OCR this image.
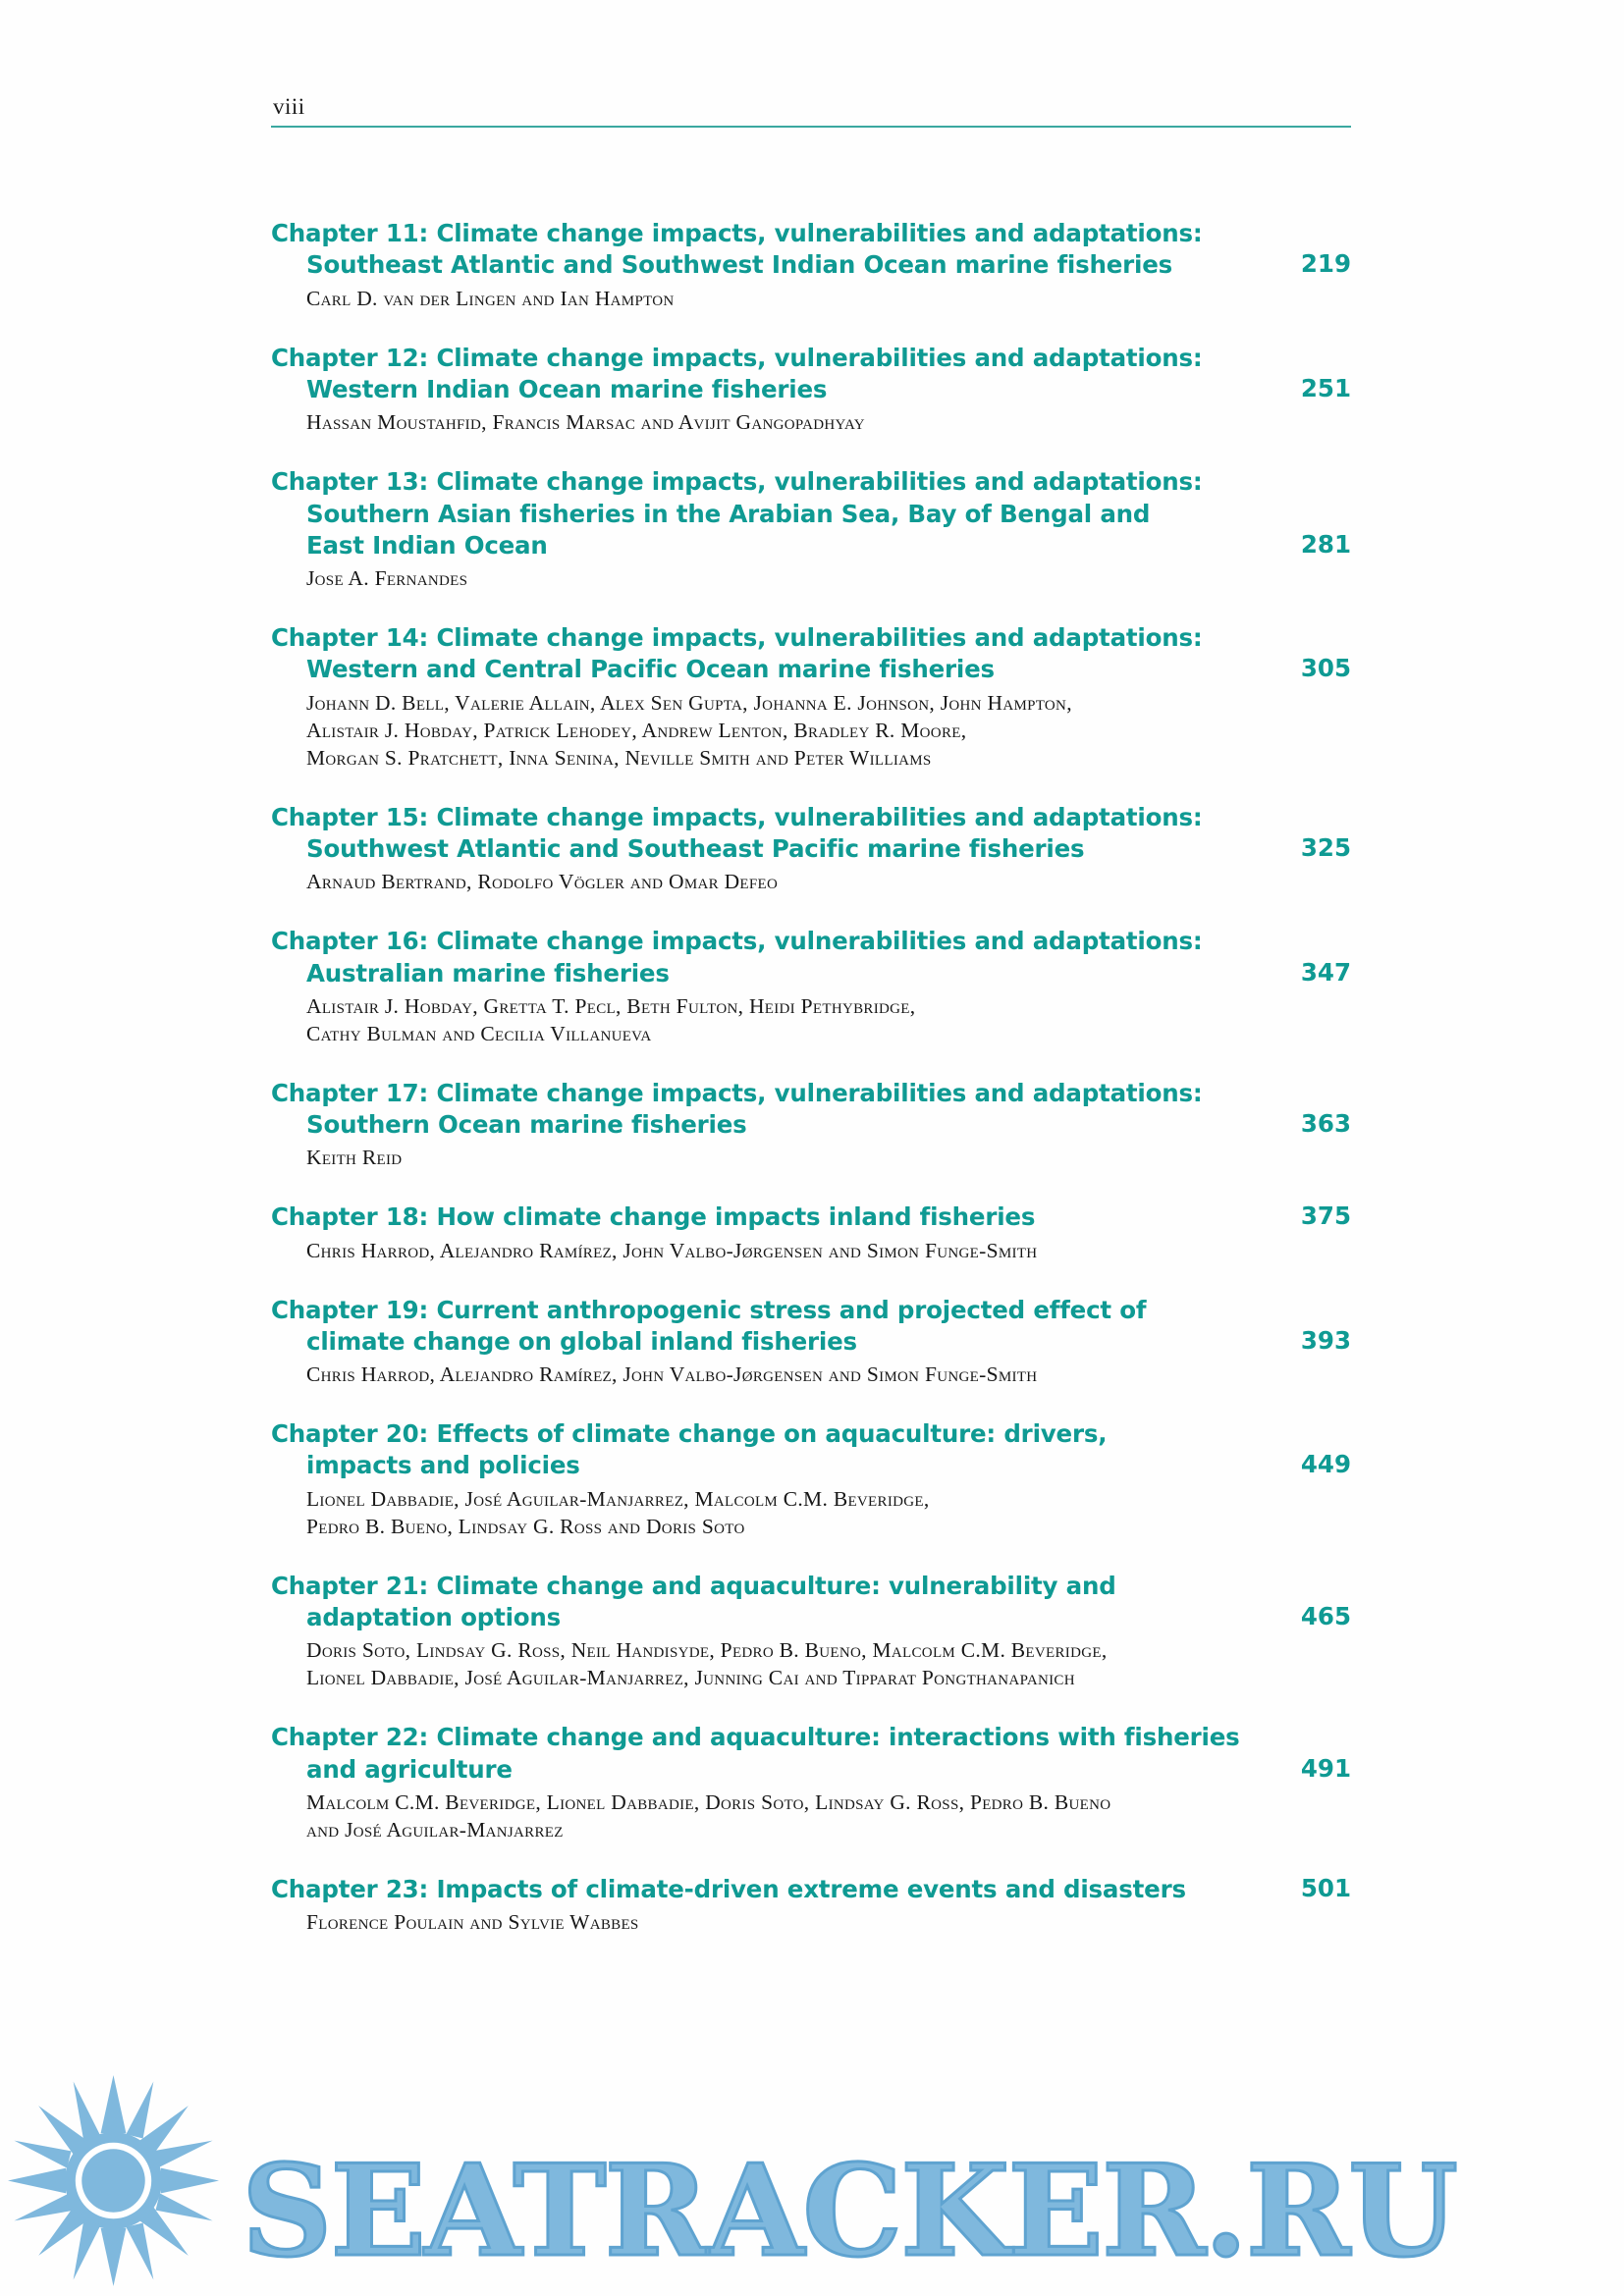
viii
Chapter 11: Climate change impacts, vulnerabilities and adaptations:
Southeast Atlantic and Southwest Indian Ocean marine fisheries	219
Carl D. van der Lingen and Ian Hampton
Chapter 12: Climate change impacts, vulnerabilities and adaptations:
Western Indian Ocean marine fisheries	251
Hassan Moustahfid, Francis Marsac and Avijit Gangopadhyay
Chapter 13: Climate change impacts, vulnerabilities and adaptations:
Southern Asian fisheries in the Arabian Sea, Bay of Bengal and
East Indian Ocean	281
Jose A. Fernandes
Chapter 14: Climate change impacts, vulnerabilities and adaptations:
Western and Central Pacific Ocean marine fisheries	305
Johann D. Bell, Valerie Allain, Alex Sen Gupta, Johanna E. Johnson, John Hampton,
Alistair J. Hobday, Patrick Lehodey, Andrew Lenton, Bradley R. Moore,
Morgan S. Pratchett, Inna Senina, Neville Smith and Peter Williams
Chapter 15: Climate change impacts, vulnerabilities and adaptations:
Southwest Atlantic and Southeast Pacific marine fisheries	325
Arnaud Bertrand, Rodolfo Vögler and Omar Defeo
Chapter 16: Climate change impacts, vulnerabilities and adaptations:
Australian marine fisheries	347
Alistair J. Hobday, Gretta T. Pecl, Beth Fulton, Heidi Pethybridge,
Cathy Bulman and Cecilia Villanueva
Chapter 17: Climate change impacts, vulnerabilities and adaptations:
Southern Ocean marine fisheries	363
Keith Reid
Chapter 18: How climate change impacts inland fisheries	375
Chris Harrod, Alejandro Ramírez, John Valbo-Jørgensen and Simon Funge-Smith
Chapter 19: Current anthropogenic stress and projected effect of
climate change on global inland fisheries	393
Chris Harrod, Alejandro Ramírez, John Valbo-Jørgensen and Simon Funge-Smith
Chapter 20: Effects of climate change on aquaculture: drivers,
impacts and policies	449
Lionel Dabbadie, José Aguilar-Manjarrez, Malcolm C.M. Beveridge,
Pedro B. Bueno, Lindsay G. Ross and Doris Soto
Chapter 21: Climate change and aquaculture: vulnerability and
adaptation options	465
Doris Soto, Lindsay G. Ross, Neil Handisyde, Pedro B. Bueno, Malcolm C.M. Beveridge,
Lionel Dabbadie, José Aguilar-Manjarrez, Junning Cai and Tipparat Pongthanapanich
Chapter 22: Climate change and aquaculture: interactions with fisheries
and agriculture	491
Malcolm C.M. Beveridge, Lionel Dabbadie, Doris Soto, Lindsay G. Ross, Pedro B. Bueno
and José Aguilar-Manjarrez
Chapter 23: Impacts of climate-driven extreme events and disasters	501
Florence Poulain and Sylvie Wabbes
SEATRACKER.RU
